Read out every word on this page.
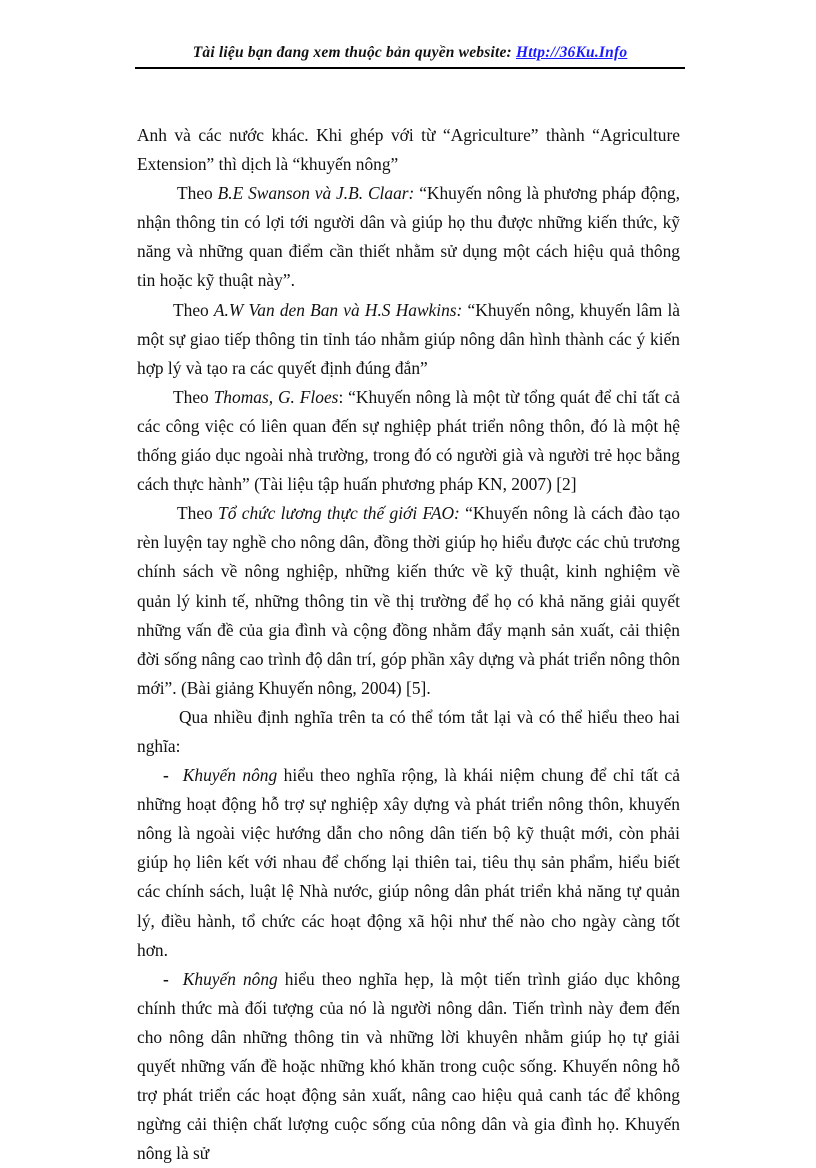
Tài liệu bạn đang xem thuộc bản quyền website: Http://36Ku.Info

Anh và các nước khác. Khi ghép với từ “Agriculture” thành “Agriculture Extension” thì dịch là “khuyến nông”

Theo B.E Swanson và J.B. Claar: “Khuyến nông là phương pháp động, nhận thông tin có lợi tới người dân và giúp họ thu được những kiến thức, kỹ năng và những quan điểm cần thiết nhằm sử dụng một cách hiệu quả thông tin hoặc kỹ thuật này”.

Theo A.W Van den Ban và H.S Hawkins: “Khuyến nông, khuyến lâm là một sự giao tiếp thông tin tỉnh táo nhằm giúp nông dân hình thành các ý kiến hợp lý và tạo ra các quyết định đúng đắn”

Theo Thomas, G. Floes: “Khuyến nông là một từ tổng quát để chỉ tất cả các công việc có liên quan đến sự nghiệp phát triển nông thôn, đó là một hệ thống giáo dục ngoài nhà trường, trong đó có người già và người trẻ học bằng cách thực hành” (Tài liệu tập huấn phương pháp KN, 2007) [2]

Theo Tổ chức lương thực thế giới FAO: “Khuyến nông là cách đào tạo rèn luyện tay nghề cho nông dân, đồng thời giúp họ hiểu được các chủ trương chính sách về nông nghiệp, những kiến thức về kỹ thuật, kinh nghiệm về quản lý kinh tế, những thông tin về thị trường để họ có khả năng giải quyết những vấn đề của gia đình và cộng đồng nhằm đẩy mạnh sản xuất, cải thiện đời sống nâng cao trình độ dân trí, góp phần xây dựng và phát triển nông thôn mới”. (Bài giảng Khuyến nông, 2004) [5].

Qua nhiều định nghĩa trên ta có thể tóm tắt lại và có thể hiểu theo hai nghĩa:

- Khuyến nông hiểu theo nghĩa rộng, là khái niệm chung để chỉ tất cả những hoạt động hỗ trợ sự nghiệp xây dựng và phát triển nông thôn, khuyến nông là ngoài việc hướng dẫn cho nông dân tiến bộ kỹ thuật mới, còn phải giúp họ liên kết với nhau để chống lại thiên tai, tiêu thụ sản phẩm, hiểu biết các chính sách, luật lệ Nhà nước, giúp nông dân phát triển khả năng tự quản lý, điều hành, tổ chức các hoạt động xã hội như thế nào cho ngày càng tốt hơn.

- Khuyến nông hiểu theo nghĩa hẹp, là một tiến trình giáo dục không chính thức mà đối tượng của nó là người nông dân. Tiến trình này đem đến cho nông dân những thông tin và những lời khuyên nhằm giúp họ tự giải quyết những vấn đề hoặc những khó khăn trong cuộc sống. Khuyến nông hỗ trợ phát triển các hoạt động sản xuất, nâng cao hiệu quả canh tác để không ngừng cải thiện chất lượng cuộc sống của nông dân và gia đình họ. Khuyến nông là sử
